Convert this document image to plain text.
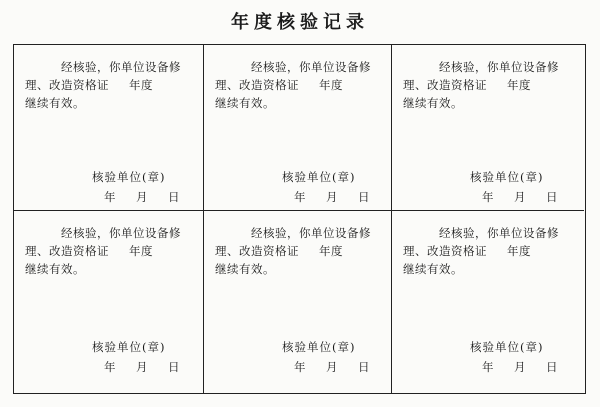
年度核验记录
经核验，你单位设备修
理、改造资格证 年度
继续有效。
核验单位(章)
年 月 日
经核验，你单位设备修
理、改造资格证 年度
继续有效。
核验单位(章)
年 月 日
经核验，你单位设备修
理、改造资格证 年度
继续有效。
核验单位(章)
年 月 日
经核验，你单位设备修
理、改造资格证 年度
继续有效。
核验单位(章)
年 月 日
经核验，你单位设备修
理、改造资格证 年度
继续有效。
核验单位(章)
年 月 日
经核验，你单位设备修
理、改造资格证 年度
继续有效。
核验单位(章)
年 月 日
